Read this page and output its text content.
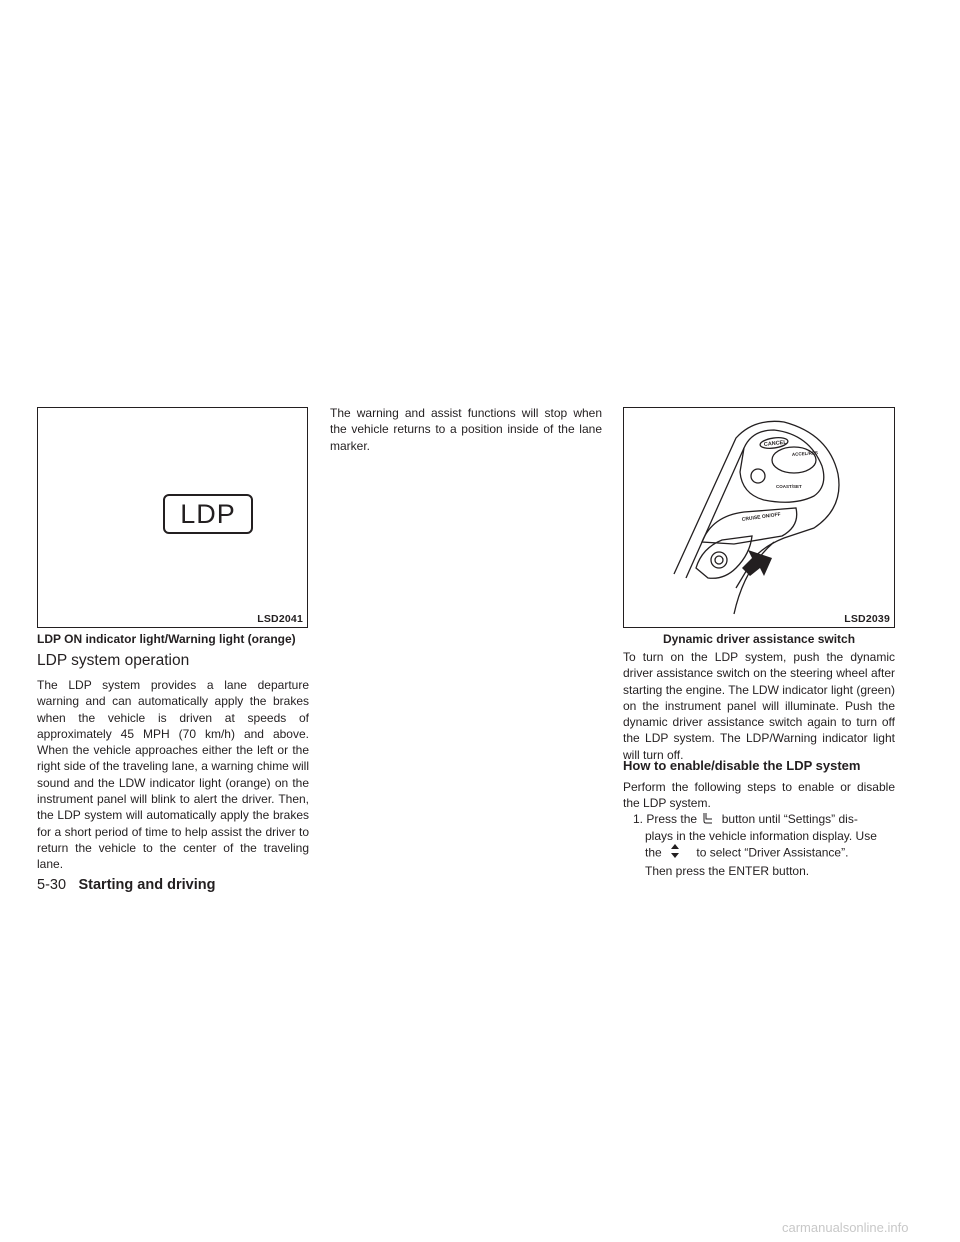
LDP
LSD2041
LDP ON indicator light/Warning light (orange)
LDP system operation
The LDP system provides a lane departure warning and can automatically apply the brakes when the vehicle is driven at speeds of approximately 45 MPH (70 km/h) and above. When the vehicle approaches either the left or the right side of the traveling lane, a warning chime will sound and the LDW indicator light (orange) on the instrument panel will blink to alert the driver. Then, the LDP system will automatically apply the brakes for a short period of time to help assist the driver to return the vehicle to the center of the traveling lane.
The warning and assist functions will stop when the vehicle returns to a position inside of the lane marker.	CANCEL
ACCEL/RES
COAST/SET
CRUISE ON/OFF
LSD2039
Dynamic driver assistance switch
To turn on the LDP system, push the dynamic driver assistance switch on the steering wheel after starting the engine. The LDW indicator light (green) on the instrument panel will illuminate. Push the dynamic driver assistance switch again to turn off the LDP system. The LDP/Warning indicator light will turn off.
How to enable/disable the LDP system
Perform the following steps to enable or disable the LDP system.
1. Press the button until “Settings” dis-
plays in the vehicle information display. Use
the	to select “Driver Assistance”.
Then press the ENTER button.
5-30 Starting and driving
carmanualsonline.info
